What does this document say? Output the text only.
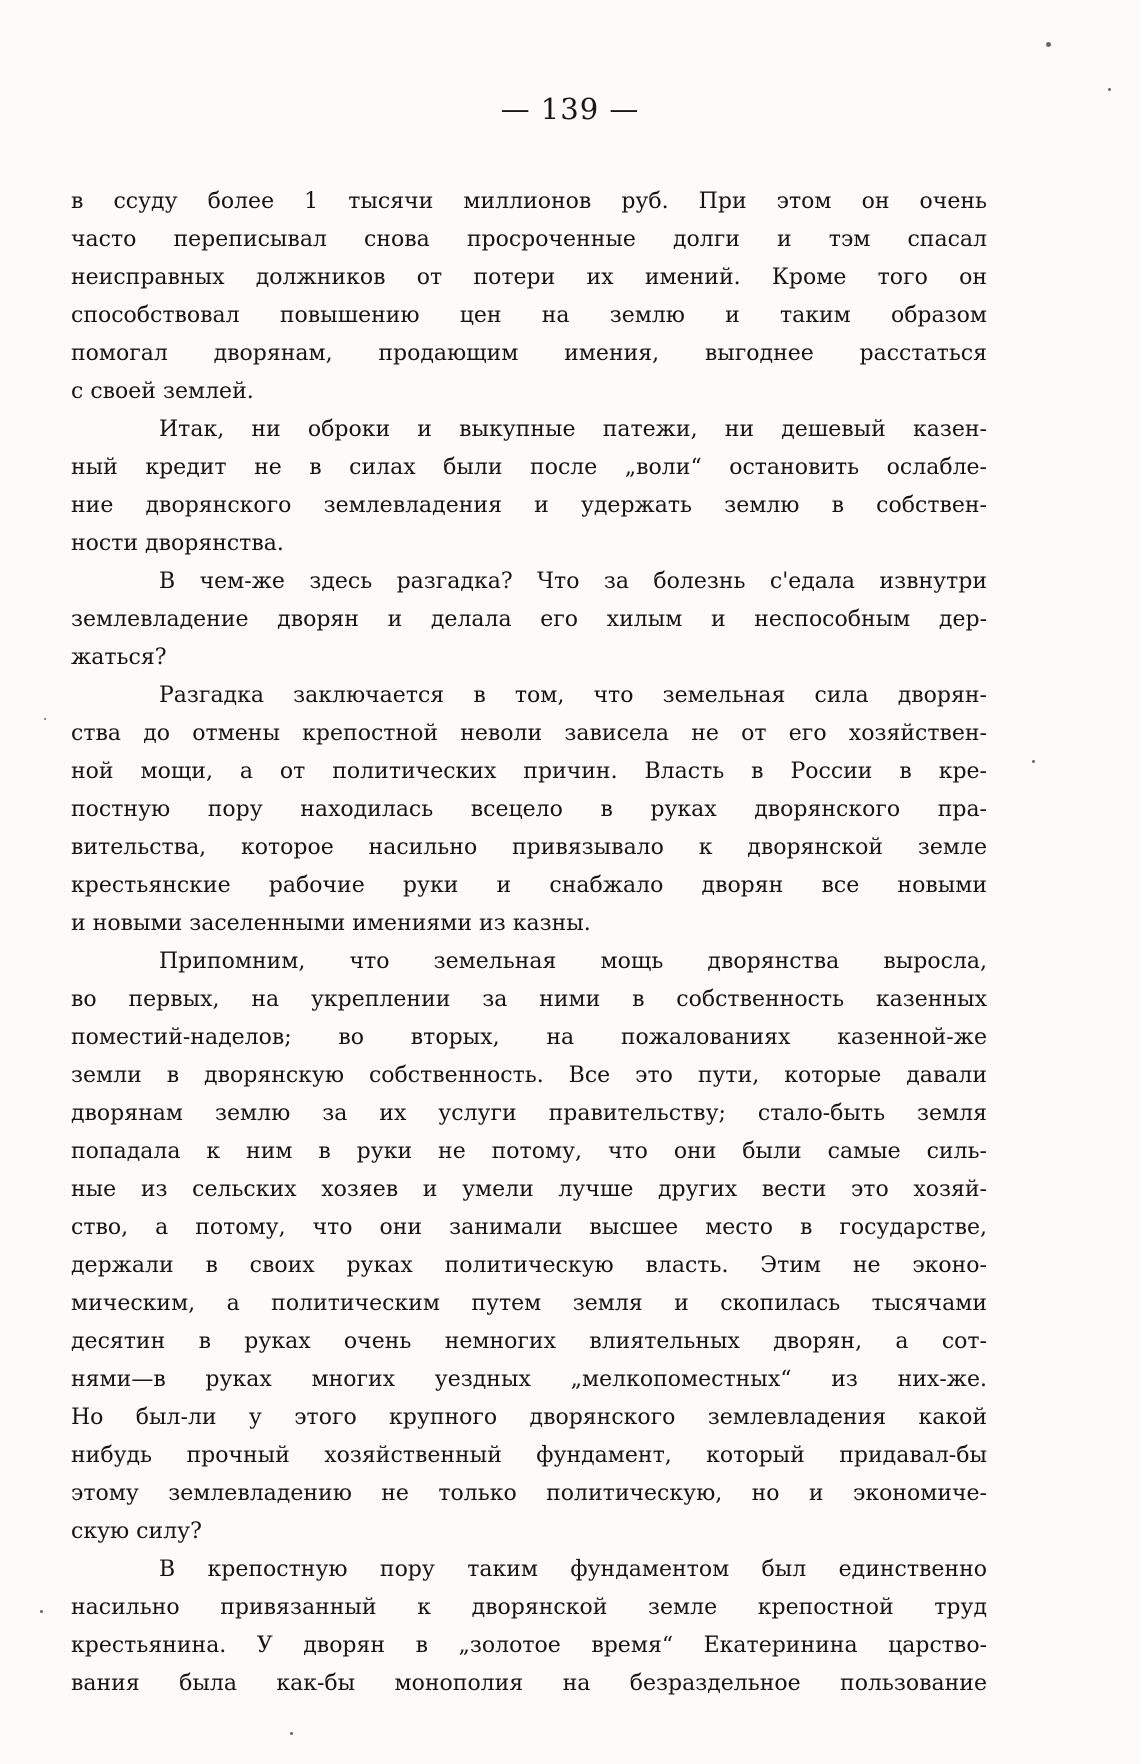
— 139 —
в ссуду более 1 тысячи миллионов руб. При этом он очень
часто переписывал снова просроченные долги и тэм спасал
неисправных должников от потери их имений. Кроме того он
способствовал повышению цен на землю и таким образом
помогал дворянам, продающим имения, выгоднее расстаться
с своей землей.
Итак, ни оброки и выкупные патежи, ни дешевый казен-
ный кредит не в силах были после „воли“ остановить ослабле-
ние дворянского землевладения и удержать землю в собствен-
ности дворянства.
В чем-же здесь разгадка? Что за болезнь с'едала извнутри
землевладение дворян и делала его хилым и неспособным дер-
жаться?
Разгадка заключается в том, что земельная сила дворян-
ства до отмены крепостной неволи зависела не от его хозяйствен-
ной мощи, а от политических причин. Власть в России в кре-
постную пору находилась всецело в руках дворянского пра-
вительства, которое насильно привязывало к дворянской земле
крестьянские рабочие руки и снабжало дворян все новыми
и новыми заселенными имениями из казны.
Припомним, что земельная мощь дворянства выросла,
во первых, на укреплении за ними в собственность казенных
поместий-наделов; во вторых, на пожалованиях казенной-же
земли в дворянскую собственность. Все это пути, которые давали
дворянам землю за их услуги правительству; стало-быть земля
попадала к ним в руки не потому, что они были самые силь-
ные из сельских хозяев и умели лучше других вести это хозяй-
ство, а потому, что они занимали высшее место в государстве,
держали в своих руках политическую власть. Этим не эконо-
мическим, а политическим путем земля и скопилась тысячами
десятин в руках очень немногих влиятельных дворян, а сот-
нями—в руках многих уездных „мелкопоместных“ из них-же.
Но был-ли у этого крупного дворянского землевладения какой
нибудь прочный хозяйственный фундамент, который придавал-бы
этому землевладению не только политическую, но и экономиче-
скую силу?
В крепостную пору таким фундаментом был единственно
насильно привязанный к дворянской земле крепостной труд
крестьянина. У дворян в „золотое время“ Екатеринина царство-
вания была как-бы монополия на безраздельное пользование
